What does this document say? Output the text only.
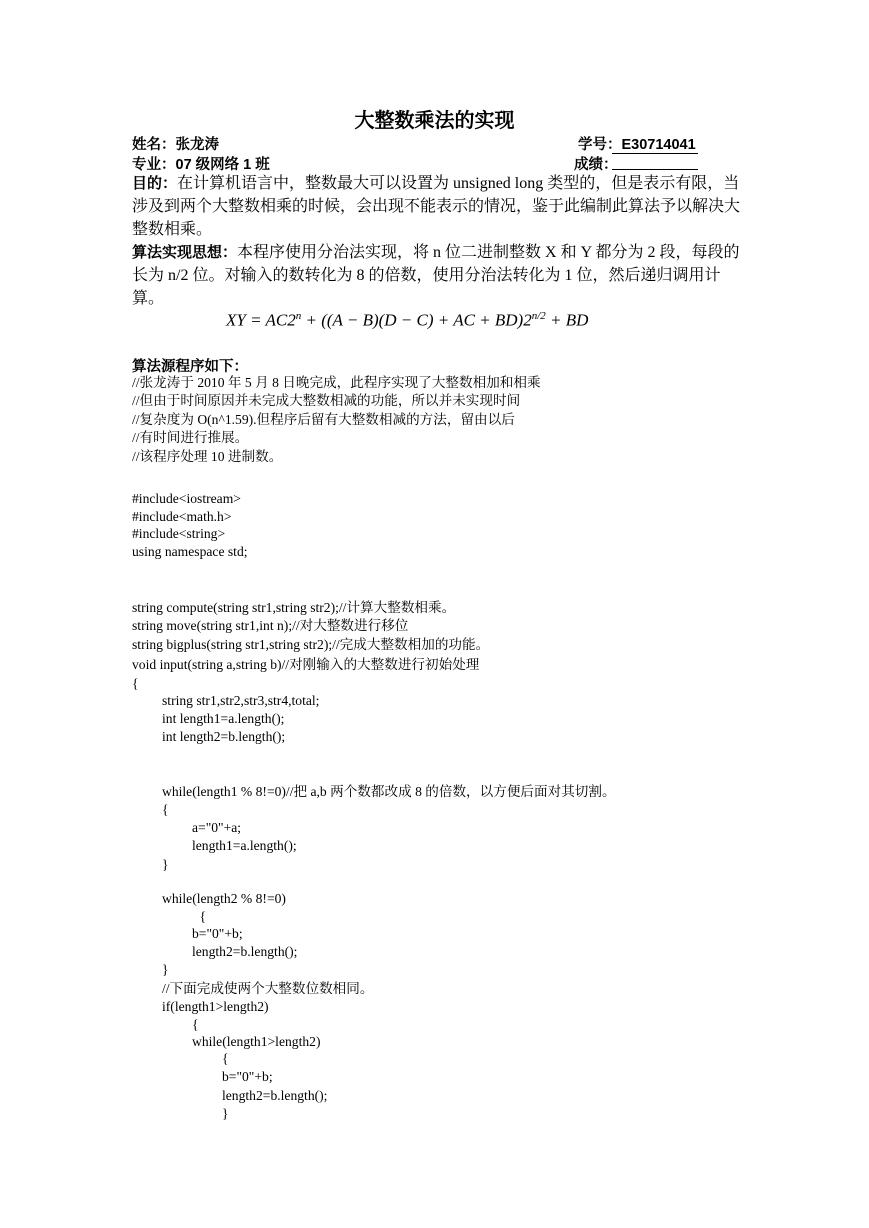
大整数乘法的实现
姓名：张龙涛	学号：E30714041
专业：07 级网络 1 班	成绩：
目的：在计算机语言中，整数最大可以设置为 unsigned long 类型的，但是表示有限，当涉及到两个大整数相乘的时候，会出现不能表示的情况，鉴于此编制此算法予以解决大整数相乘。
算法实现思想：本程序使用分治法实现，将 n 位二进制整数 X 和 Y 都分为 2 段，每段的长为 n/2 位。对输入的数转化为 8 的倍数，使用分治法转化为 1 位，然后递归调用计算。
XY = $AC2^n + ((A - B)(D - C)$ + AC + $BD)2^{n/2}$ + BD
算法源程序如下：
//张龙涛于 2010 年 5 月 8 日晚完成，此程序实现了大整数相加和相乘
//但由于时间原因并未完成大整数相减的功能，所以并未实现时间
//复杂度为 O(n^1.59).但程序后留有大整数相减的方法，留由以后
//有时间进行推展。
//该程序处理 10 进制数。
#include<iostream>
#include<math.h>
#include<string>
using namespace std;
string compute(string str1,string str2);//计算大整数相乘。
string move(string str1,int n);//对大整数进行移位
string bigplus(string str1,string str2);//完成大整数相加的功能。
void input(string a,string b)//对刚输入的大整数进行初始处理
{
string str1,str2,str3,str4,total;
int length1=a.length();
int length2=b.length();
while(length1 % 8!=0)//把 a,b 两个数都改成 8 的倍数，以方便后面对其切割。
{
a="0"+a;
length1=a.length();
}
while(length2 % 8!=0)
{
b="0"+b;
length2=b.length();
}
//下面完成使两个大整数位数相同。
if(length1>length2)
{
while(length1>length2)
{
b="0"+b;
length2=b.length();
}
